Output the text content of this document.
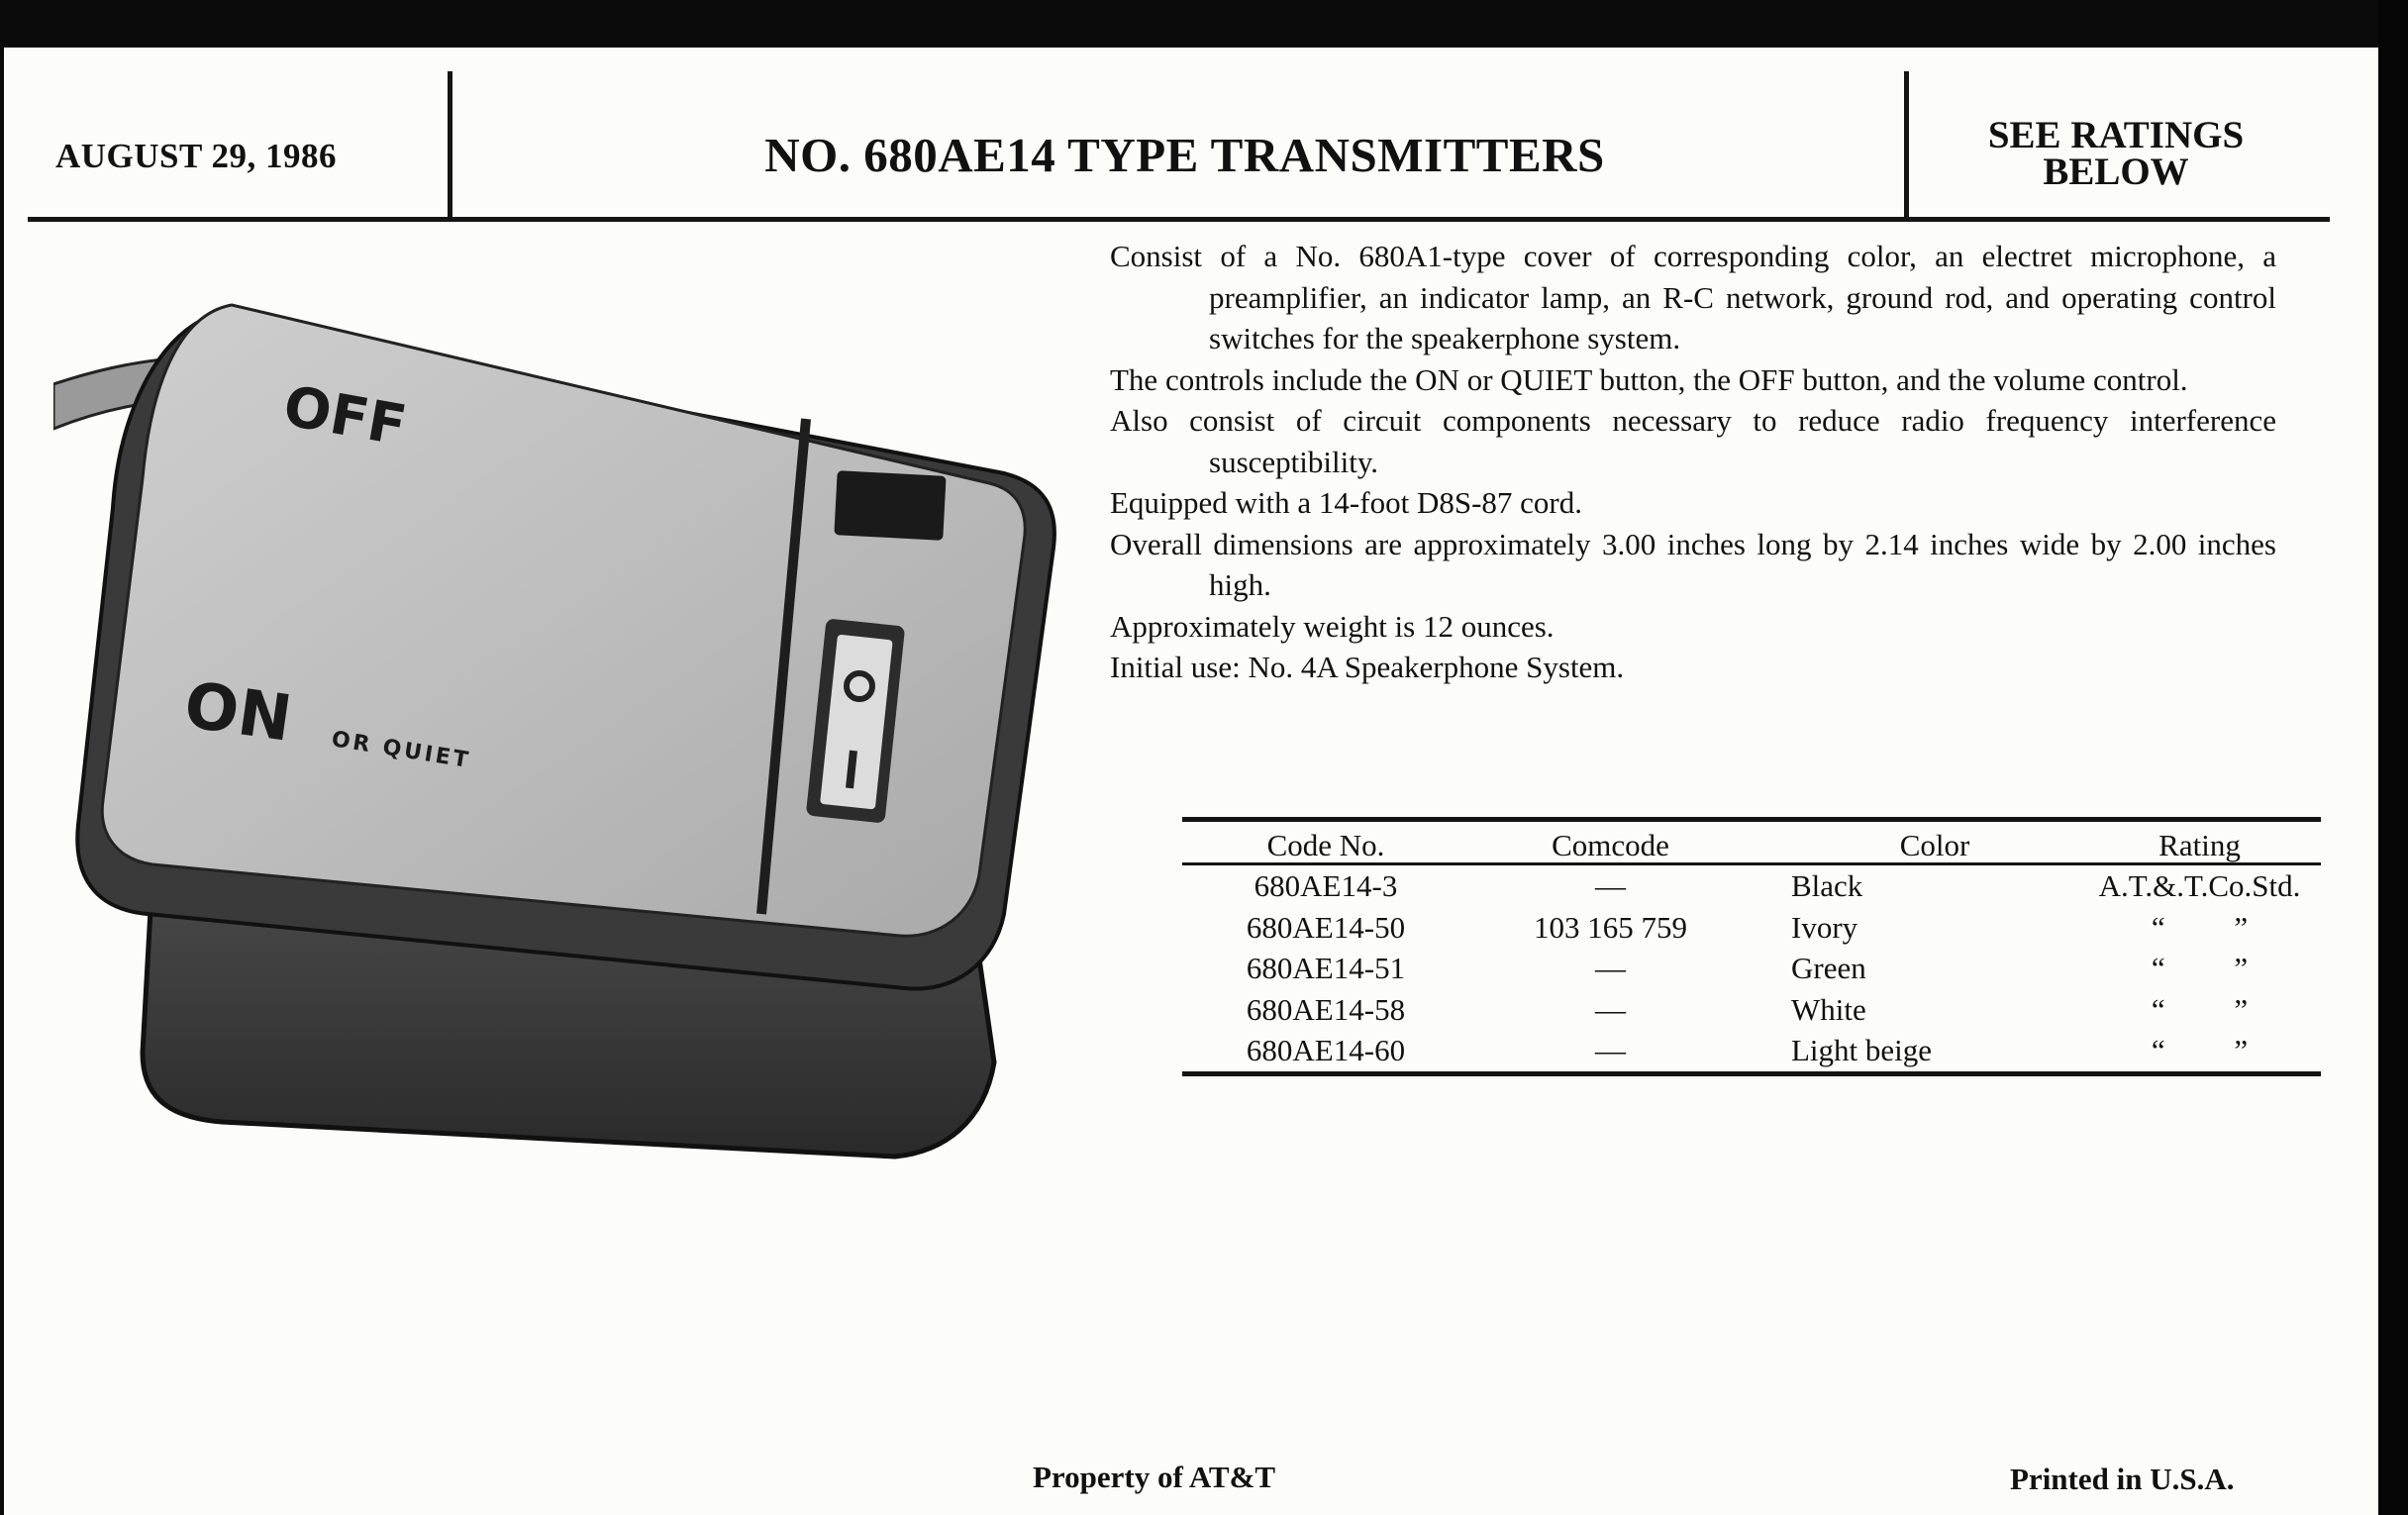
AUGUST 29, 1986	NO. 680AE14 TYPE TRANSMITTERS	SEE RATINGS
BELOW
OFF
ON OR QUIET

Consist of a No. 680A1-type cover of corresponding color, an electret microphone, a preamplifier, an indicator lamp, an R-C network, ground rod, and operating control switches for the speakerphone system.

The controls include the ON or QUIET button, the OFF button, and the volume control.

Also consist of circuit components necessary to reduce radio frequency interference susceptibility.

Equipped with a 14-foot D8S-87 cord.

Overall dimensions are approximately 3.00 inches long by 2.14 inches wide by 2.00 inches high.

Approximately weight is 12 ounces.

Initial use: No. 4A Speakerphone System.

Code No.	Comcode	Color	Rating
680AE14-3	—	Black	A.T.&.T.Co.Std.
680AE14-50	103 165 759	Ivory	“         ”
680AE14-51	—	Green	“         ”
680AE14-58	—	White	“         ”
680AE14-60	—	Light beige	“         ”
Property of AT&T	Printed in U.S.A.
